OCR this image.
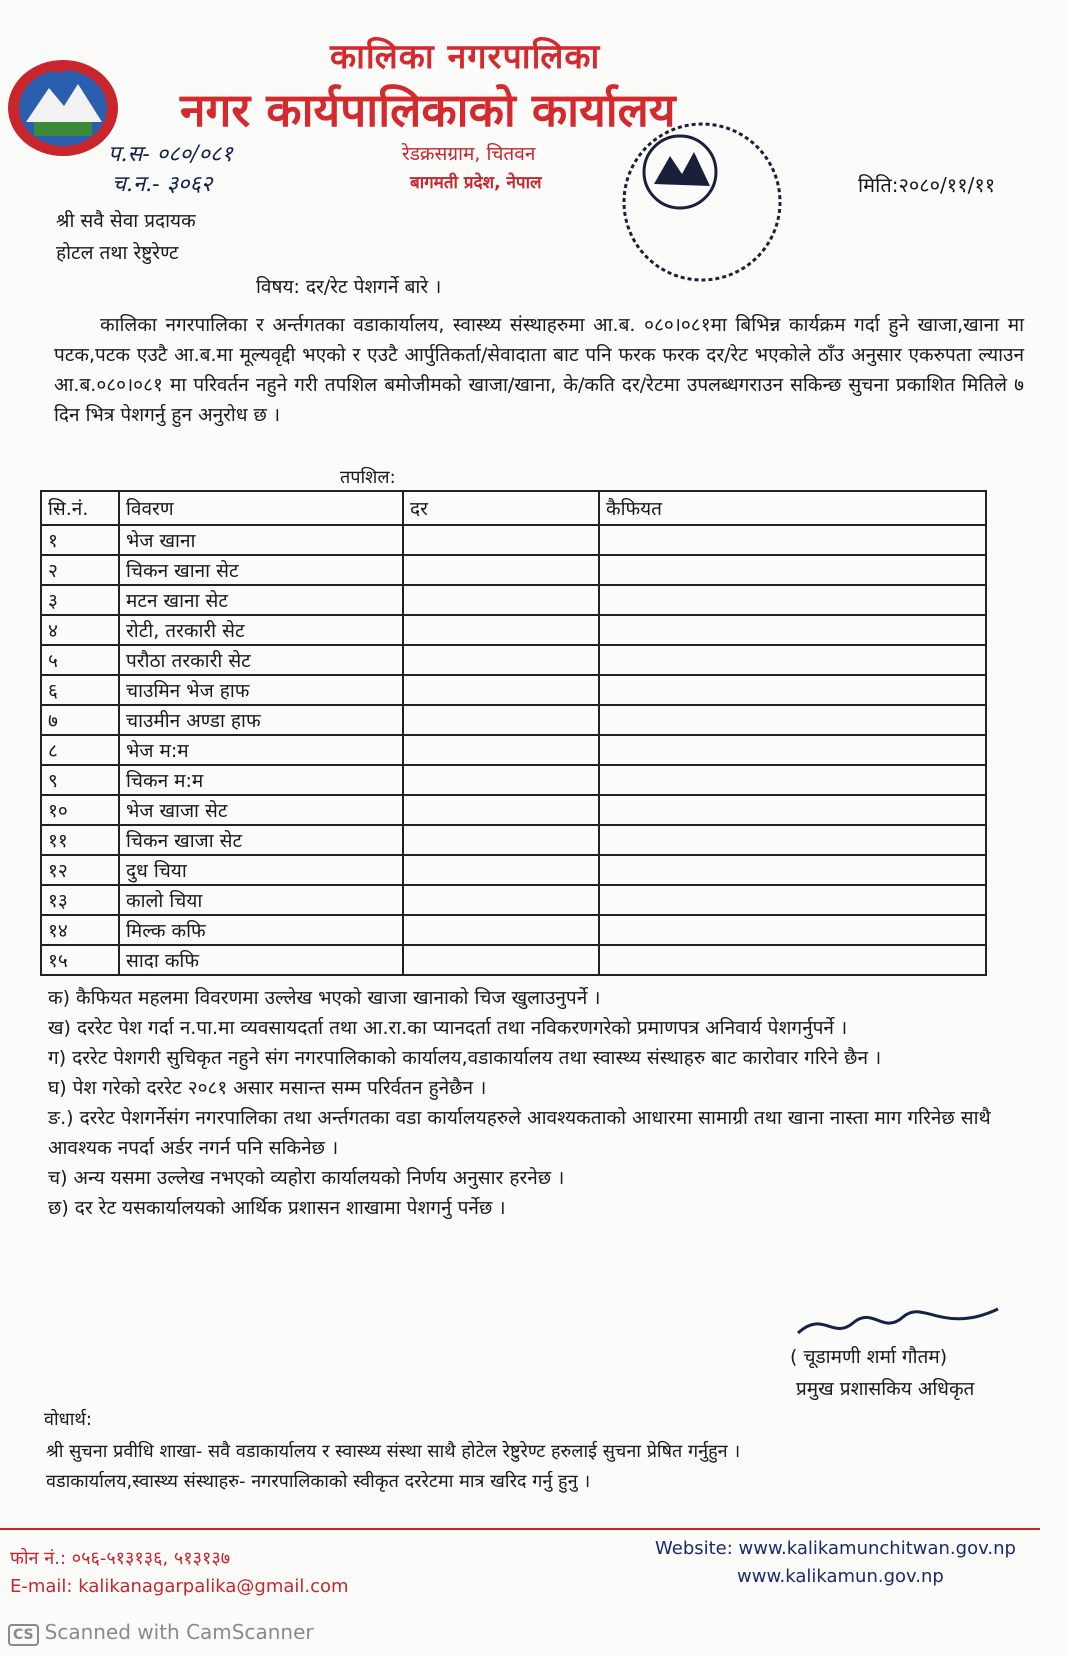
कालिका नगरपालिका
नगर कार्यपालिकाको कार्यालय
रेडक्रसग्राम, चितवन
बागमती प्रदेश, नेपाल
प.स- ०८०/०८१
च.न.- ३०६२	मिति:२०८०/११/११
श्री सवै सेवा प्रदायक
होटल तथा रेष्टुरेण्ट
विषय: दर/रेट पेशगर्ने बारे ।
कालिका नगरपालिका र अर्न्तगतका वडाकार्यालय, स्वास्थ्य संस्थाहरुमा आ.ब. ०८०।०८१मा बिभिन्न कार्यक्रम गर्दा हुने खाजा,खाना मा पटक,पटक एउटै आ.ब.मा मूल्यवृद्दी भएको र एउटै आर्पुतिकर्ता/सेवादाता बाट पनि फरक फरक दर/रेट भएकोले ठाँउ अनुसार एकरुपता ल्याउन आ.ब.०८०।०८१ मा परिवर्तन नहुने गरी तपशिल बमोजीमको खाजा/खाना, के/कति दर/रेटमा उपलब्धगराउन सकिन्छ सुचना प्रकाशित मितिले ७ दिन भित्र पेशगर्नु हुन अनुरोध छ ।
तपशिल:
सि.नं.	विवरण	दर	कैफियत
१	भेज खाना		
२	चिकन खाना सेट		
३	मटन खाना सेट		
४	रोटी, तरकारी सेट		
५	परौठा तरकारी सेट		
६	चाउमिन भेज हाफ		
७	चाउमीन अण्डा हाफ		
८	भेज म:म		
९	चिकन म:म		
१०	भेज खाजा सेट		
११	चिकन खाजा सेट		
१२	दुध चिया		
१३	कालो चिया		
१४	मिल्क कफि		
१५	सादा कफि		
क) कैफियत महलमा विवरणमा उल्लेख भएको खाजा खानाको चिज खुलाउनुपर्ने ।
ख) दररेट पेश गर्दा न.पा.मा व्यवसायदर्ता तथा आ.रा.का प्यानदर्ता तथा नविकरणगरेको प्रमाणपत्र अनिवार्य पेशगर्नुपर्ने ।
ग) दररेट पेशगरी सुचिकृत नहुने संग नगरपालिकाको कार्यालय,वडाकार्यालय तथा स्वास्थ्य संस्थाहरु बाट कारोवार गरिने छैन ।
घ) पेश गरेको दररेट २०८१ असार मसान्त सम्म परिर्वतन हुनेछैन ।
ङ.) दररेट पेशगर्नेसंग नगरपालिका तथा अर्न्तगतका वडा कार्यालयहरुले आवश्यकताको आधारमा सामाग्री तथा खाना नास्ता माग गरिनेछ साथै आवश्यक नपर्दा अर्डर नगर्न पनि सकिनेछ ।
च) अन्य यसमा उल्लेख नभएको व्यहोरा कार्यालयको निर्णय अनुसार हरनेछ ।
छ) दर रेट यसकार्यालयको आर्थिक प्रशासन शाखामा पेशगर्नु पर्नेछ ।
( चूडामणी शर्मा गौतम)
प्रमुख प्रशासकिय अधिकृत
वोधार्थ:
श्री सुचना प्रवीधि शाखा- सवै वडाकार्यालय र स्वास्थ्य संस्था साथै होटेल रेष्टुरेण्ट हरुलाई सुचना प्रेषित गर्नुहुन ।
वडाकार्यालय,स्वास्थ्य संस्थाहरु- नगरपालिकाको स्वीकृत दररेटमा मात्र खरिद गर्नु हुनु ।
फोन नं.: ०५६-५१३१३६, ५१३१३७
E-mail: kalikanagarpalika@gmail.com
Website: www.kalikamunchitwan.gov.np
www.kalikamun.gov.np
CS Scanned with CamScanner
